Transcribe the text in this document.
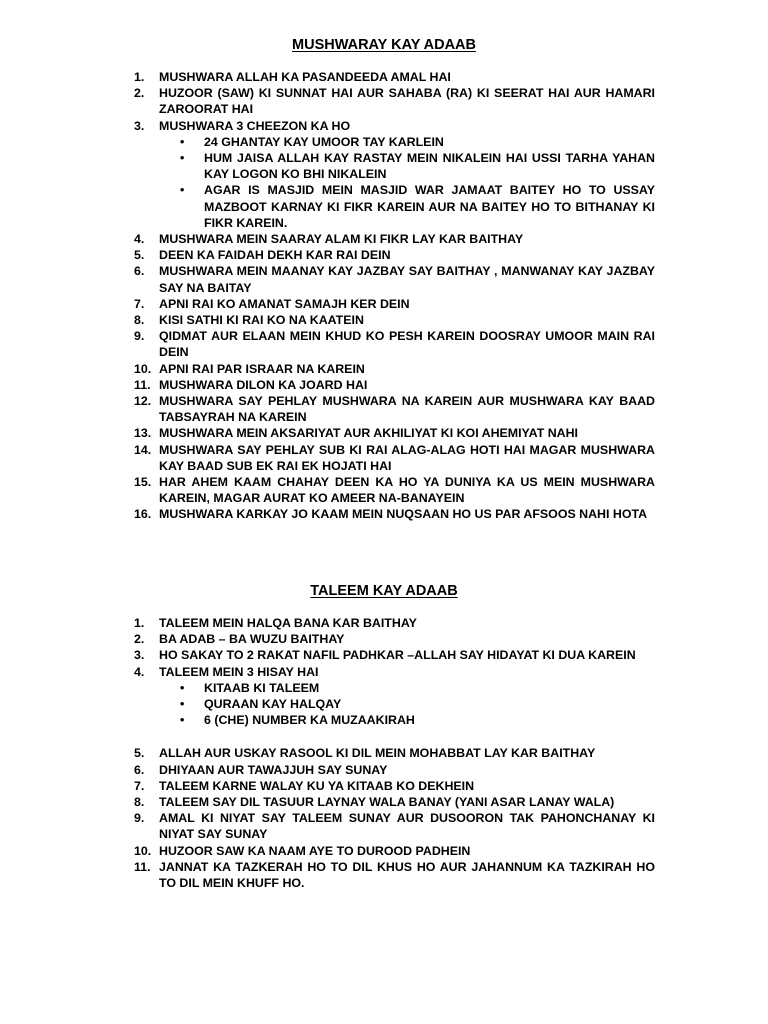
MUSHWARAY KAY ADAAB
1. MUSHWARA ALLAH KA PASANDEEDA AMAL HAI
2. HUZOOR (SAW) KI SUNNAT HAI AUR SAHABA (RA) KI SEERAT HAI AUR HAMARI ZAROORAT HAI
3. MUSHWARA 3 CHEEZON KA HO
• 24 GHANTAY KAY UMOOR TAY KARLEIN
• HUM JAISA ALLAH KAY RASTAY MEIN NIKALEIN HAI USSI TARHA YAHAN KAY LOGON KO BHI NIKALEIN
• AGAR IS MASJID MEIN MASJID WAR JAMAAT BAITEY HO TO USSAY MAZBOOT KARNAY KI FIKR KAREIN AUR NA BAITEY HO TO BITHANAY KI FIKR KAREIN.
4. MUSHWARA MEIN SAARAY ALAM KI FIKR LAY KAR BAITHAY
5. DEEN KA FAIDAH DEKH KAR RAI DEIN
6. MUSHWARA MEIN MAANAY KAY JAZBAY SAY BAITHAY , MANWANAY KAY JAZBAY SAY NA BAITAY
7. APNI RAI KO AMANAT SAMAJH KER DEIN
8. KISI SATHI KI RAI KO NA KAATEIN
9. QIDMAT AUR ELAAN MEIN KHUD KO PESH KAREIN DOOSRAY UMOOR MAIN RAI DEIN
10. APNI RAI PAR ISRAAR NA KAREIN
11. MUSHWARA DILON KA JOARD HAI
12. MUSHWARA SAY PEHLAY MUSHWARA NA KAREIN AUR MUSHWARA KAY BAAD TABSAYRAH NA KAREIN
13. MUSHWARA MEIN AKSARIYAT AUR AKHILIYAT KI KOI AHEMIYAT NAHI
14. MUSHWARA SAY PEHLAY SUB KI RAI ALAG-ALAG HOTI HAI MAGAR MUSHWARA KAY BAAD SUB EK RAI EK HOJATI HAI
15. HAR AHEM KAAM CHAHAY DEEN KA HO YA DUNIYA KA US MEIN MUSHWARA KAREIN, MAGAR AURAT KO AMEER NA-BANAYEIN
16. MUSHWARA KARKAY JO KAAM MEIN NUQSAAN HO US PAR AFSOOS NAHI HOTA
TALEEM KAY ADAAB
1. TALEEM MEIN HALQA BANA KAR BAITHAY
2. BA ADAB – BA WUZU BAITHAY
3. HO SAKAY TO 2 RAKAT NAFIL PADHKAR –ALLAH SAY HIDAYAT KI DUA KAREIN
4. TALEEM MEIN 3 HISAY HAI
• KITAAB KI TALEEM
• QURAAN KAY HALQAY
• 6 (CHE) NUMBER KA MUZAAKIRAH
5. ALLAH AUR USKAY RASOOL KI DIL MEIN MOHABBAT LAY KAR BAITHAY
6. DHIYAAN AUR TAWAJJUH SAY SUNAY
7. TALEEM KARNE WALAY KU YA KITAAB KO DEKHEIN
8. TALEEM SAY DIL TASUUR LAYNAY WALA BANAY (YANI ASAR LANAY WALA)
9. AMAL KI NIYAT SAY TALEEM SUNAY AUR DUSOORON TAK PAHONCHANAY KI NIYAT SAY SUNAY
10. HUZOOR SAW KA NAAM AYE TO DUROOD PADHEIN
11. JANNAT KA TAZKERAH HO TO DIL KHUS HO AUR JAHANNUM KA TAZKIRAH HO TO DIL MEIN KHUFF HO.
